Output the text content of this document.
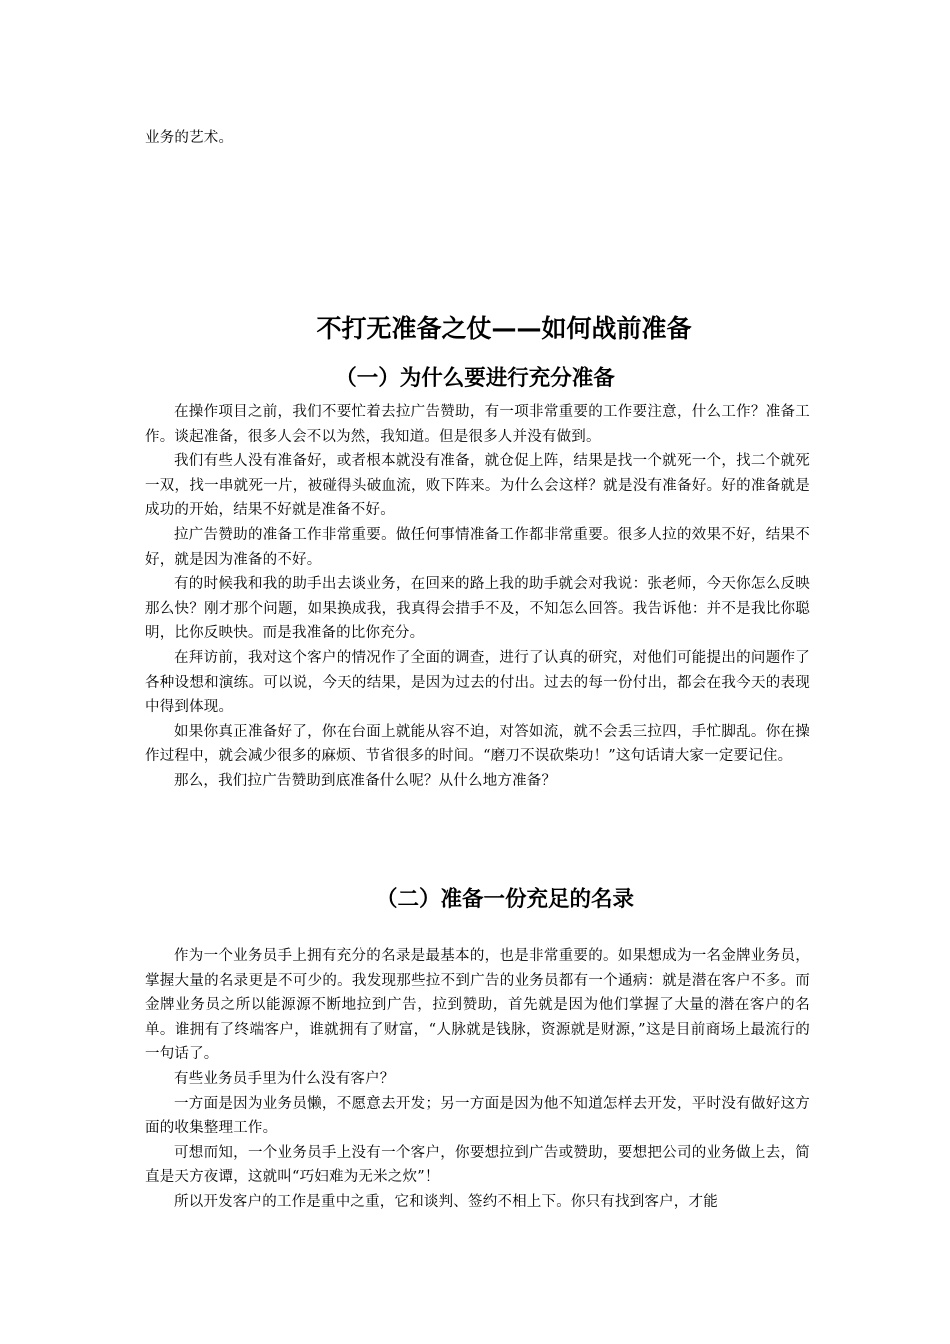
业务的艺术。

不打无准备之仗——如何战前准备
（一）为什么要进行充分准备

在操作项目之前，我们不要忙着去拉广告赞助，有一项非常重要的工作要注意，什么工作？准备工作。谈起准备，很多人会不以为然，我知道。但是很多人并没有做到。

我们有些人没有准备好，或者根本就没有准备，就仓促上阵，结果是找一个就死一个，找二个就死一双，找一串就死一片，被碰得头破血流，败下阵来。为什么会这样？就是没有准备好。好的准备就是成功的开始，结果不好就是准备不好。

拉广告赞助的准备工作非常重要。做任何事情准备工作都非常重要。很多人拉的效果不好，结果不好，就是因为准备的不好。

有的时候我和我的助手出去谈业务，在回来的路上我的助手就会对我说：张老师，今天你怎么反映那么快？刚才那个问题，如果换成我，我真得会措手不及，不知怎么回答。我告诉他：并不是我比你聪明，比你反映快。而是我准备的比你充分。

在拜访前，我对这个客户的情况作了全面的调查，进行了认真的研究，对他们可能提出的问题作了各种设想和演练。可以说，今天的结果，是因为过去的付出。过去的每一份付出，都会在我今天的表现中得到体现。

如果你真正准备好了，你在台面上就能从容不迫，对答如流，就不会丢三拉四，手忙脚乱。你在操作过程中，就会减少很多的麻烦、节省很多的时间。“磨刀不误砍柴功！”这句话请大家一定要记住。

那么，我们拉广告赞助到底准备什么呢？从什么地方准备？

（二）准备一份充足的名录

作为一个业务员手上拥有充分的名录是最基本的，也是非常重要的。如果想成为一名金牌业务员，掌握大量的名录更是不可少的。我发现那些拉不到广告的业务员都有一个通病：就是潜在客户不多。而金牌业务员之所以能源源不断地拉到广告，拉到赞助，首先就是因为他们掌握了大量的潜在客户的名单。谁拥有了终端客户，谁就拥有了财富，“人脉就是钱脉，资源就是财源，”这是目前商场上最流行的一句话了。

有些业务员手里为什么没有客户？

一方面是因为业务员懒，不愿意去开发；另一方面是因为他不知道怎样去开发，平时没有做好这方面的收集整理工作。

可想而知，一个业务员手上没有一个客户，你要想拉到广告或赞助，要想把公司的业务做上去，简直是天方夜谭，这就叫“巧妇难为无米之炊”！

所以开发客户的工作是重中之重，它和谈判、签约不相上下。你只有找到客户，才能
